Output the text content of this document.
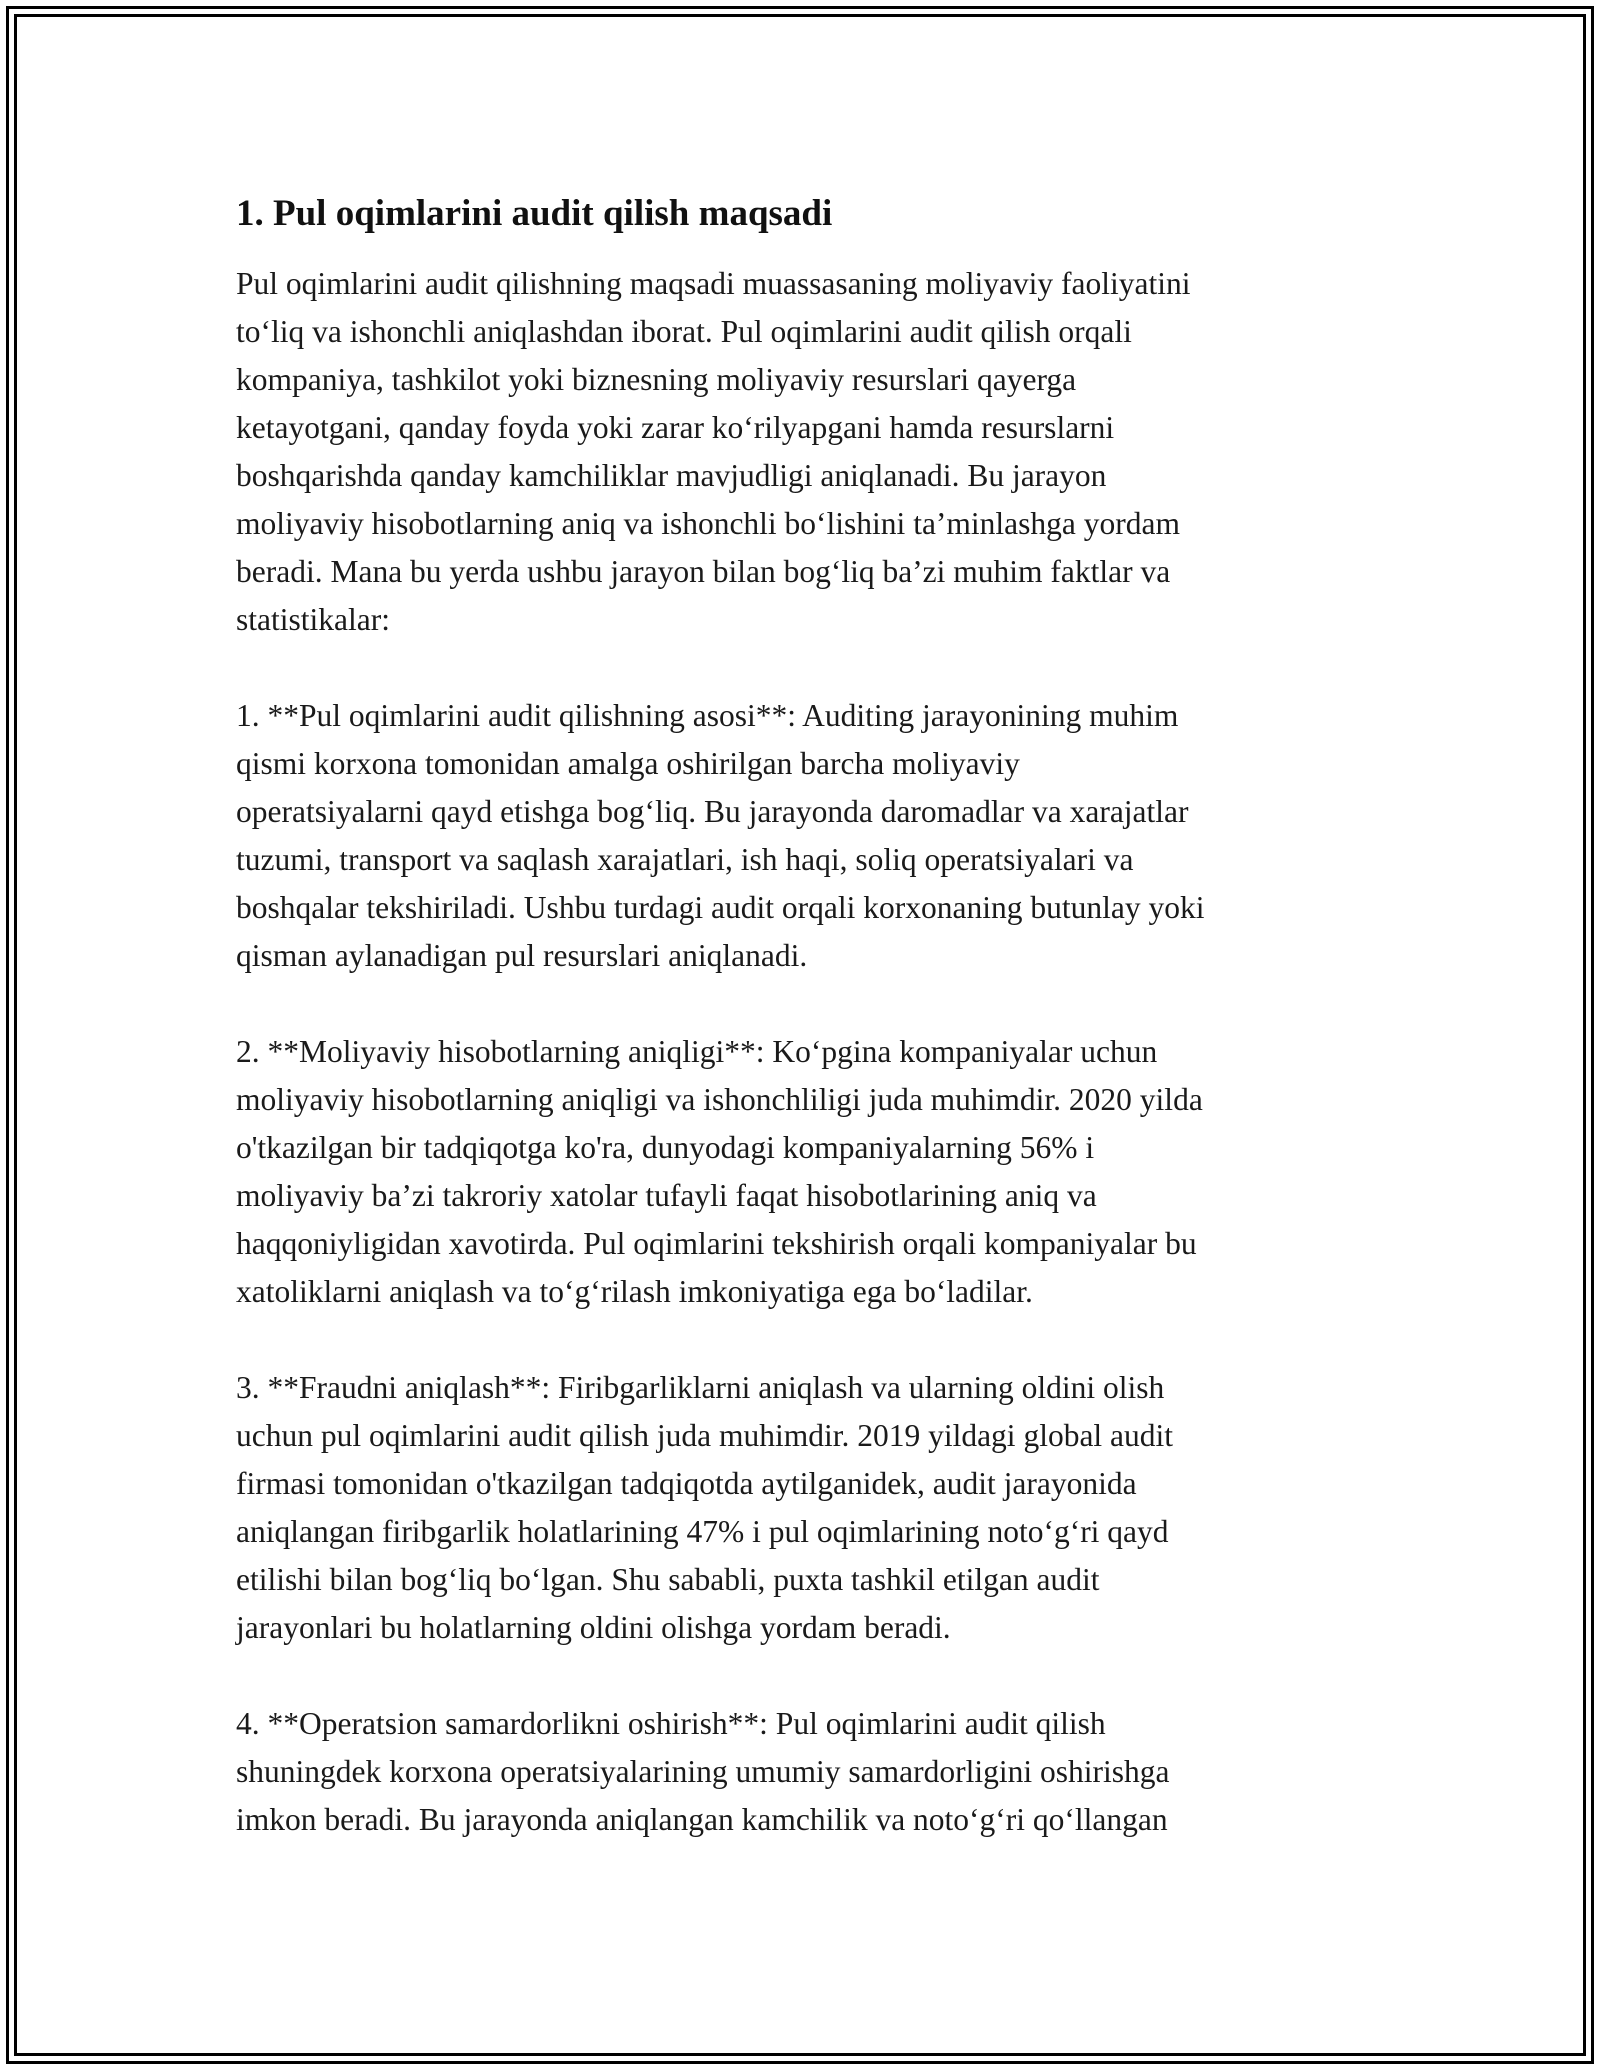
1. Pul oqimlarini audit qilish maqsadi

Pul oqimlarini audit qilishning maqsadi muassasaning moliyaviy faoliyatini
to‘liq va ishonchli aniqlashdan iborat. Pul oqimlarini audit qilish orqali
kompaniya, tashkilot yoki biznesning moliyaviy resurslari qayerga
ketayotgani, qanday foyda yoki zarar ko‘rilyapgani hamda resurslarni
boshqarishda qanday kamchiliklar mavjudligi aniqlanadi. Bu jarayon
moliyaviy hisobotlarning aniq va ishonchli bo‘lishini ta’minlashga yordam
beradi. Mana bu yerda ushbu jarayon bilan bog‘liq ba’zi muhim faktlar va
statistikalar:

1. **Pul oqimlarini audit qilishning asosi**: Auditing jarayonining muhim
qismi korxona tomonidan amalga oshirilgan barcha moliyaviy
operatsiyalarni qayd etishga bog‘liq. Bu jarayonda daromadlar va xarajatlar
tuzumi, transport va saqlash xarajatlari, ish haqi, soliq operatsiyalari va
boshqalar tekshiriladi. Ushbu turdagi audit orqali korxonaning butunlay yoki
qisman aylanadigan pul resurslari aniqlanadi.

2. **Moliyaviy hisobotlarning aniqligi**: Ko‘pgina kompaniyalar uchun
moliyaviy hisobotlarning aniqligi va ishonchliligi juda muhimdir. 2020 yilda
o'tkazilgan bir tadqiqotga ko'ra, dunyodagi kompaniyalarning 56% i
moliyaviy ba’zi takroriy xatolar tufayli faqat hisobotlarining aniq va
haqqoniyligidan xavotirda. Pul oqimlarini tekshirish orqali kompaniyalar bu
xatoliklarni aniqlash va to‘g‘rilash imkoniyatiga ega bo‘ladilar.

3. **Fraudni aniqlash**: Firibgarliklarni aniqlash va ularning oldini olish
uchun pul oqimlarini audit qilish juda muhimdir. 2019 yildagi global audit
firmasi tomonidan o'tkazilgan tadqiqotda aytilganidek, audit jarayonida
aniqlangan firibgarlik holatlarining 47% i pul oqimlarining noto‘g‘ri qayd
etilishi bilan bog‘liq bo‘lgan. Shu sababli, puxta tashkil etilgan audit
jarayonlari bu holatlarning oldini olishga yordam beradi.

4. **Operatsion samardorlikni oshirish**: Pul oqimlarini audit qilish
shuningdek korxona operatsiyalarining umumiy samardorligini oshirishga
imkon beradi. Bu jarayonda aniqlangan kamchilik va noto‘g‘ri qo‘llangan
